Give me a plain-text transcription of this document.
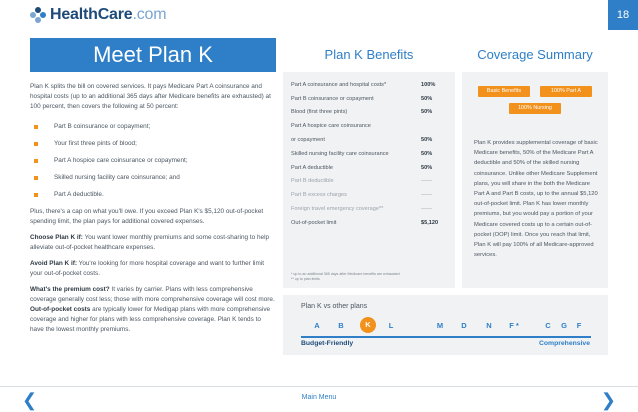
HealthCare.com	18
Meet Plan K

Plan K splits the bill on covered services. It pays Medicare Part A coinsurance and hospital costs (up to an additional 365 days after Medicare benefits are exhausted) at 100 percent, then covers the following at 50 percent:

Part B coinsurance or copayment;
Your first three pints of blood;
Part A hospice care coinsurance or copayment;
Skilled nursing facility care coinsurance; and
Part A deductible.

Plus, there's a cap on what you'll owe. If you exceed Plan K's $5,120 out-of-pocket spending limit, the plan pays for additional covered expenses.

Choose Plan K if: You want lower monthly premiums and some cost-sharing to help alleviate out-of-pocket healthcare expenses.

Avoid Plan K if: You're looking for more hospital coverage and want to further limit your out-of-pocket costs.

What's the premium cost? It varies by carrier. Plans with less comprehensive coverage generally cost less; those with more comprehensive coverage will cost more. Out-of-pocket costs are typically lower for Medigap plans with more comprehensive coverage and higher for plans with less comprehensive coverage. Plan K tends to have the lowest monthly premiums.

Plan K Benefits
Part A coinsurance and hospital costs*	100%
Part B coinsurance or copayment	50%
Blood (first three pints)	50%
Part A hospice care coinsurance
or copayment	50%
Skilled nursing facility care coinsurance	50%
Part A deductible	50%
Part B deductible	——
Part B excess charges	——
Foreign travel emergency coverage**	——
Out-of-pocket limit	$5,120
* up to an additional 365 days after Medicare benefits are exhausted
** up to plan limits
Coverage Summary
Basic Benefits	100% Part A
100% Nursing
Plan K provides supplemental coverage of basic Medicare benefits, 50% of the Medicare Part A deductible and 50% of the skilled nursing coinsurance. Unlike other Medicare Supplement plans, you will share in the both the Medicare Part A and Part B costs, up to the annual $5,120 out-of-pocket limit. Plan K has lower monthly premiums, but you would pay a portion of your Medicare covered costs up to a certain out-of-pocket (OOP) limit. Once you reach that limit, Plan K will pay 100% of all Medicare-approved services.
Plan K vs other plans
A B	K	L	M D	N F *	C G F
Budget-Friendly	Comprehensive
❮	Main Menu	❯
